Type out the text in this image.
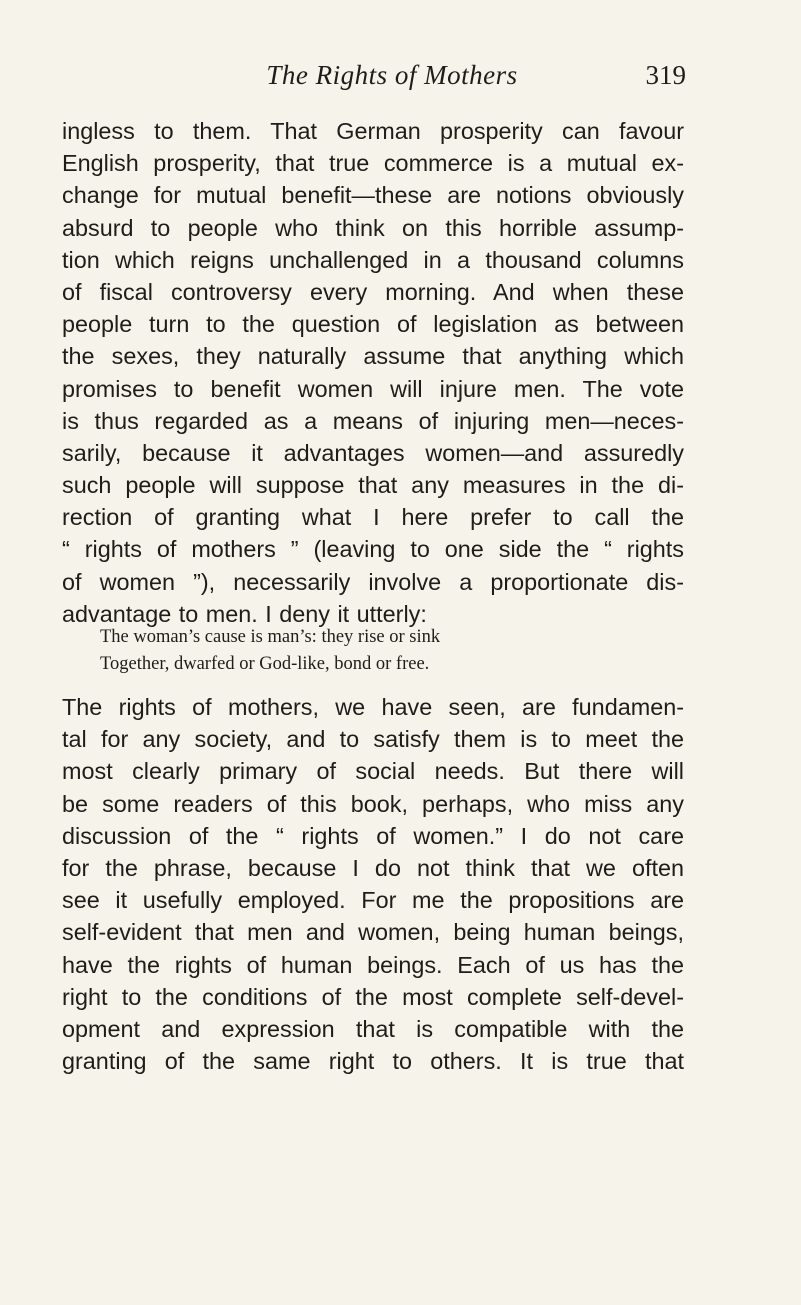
The Rights of Mothers	319
ingless to them. That German prosperity can favour
English prosperity, that true commerce is a mutual ex-
change for mutual benefit—these are notions obviously
absurd to people who think on this horrible assump-
tion which reigns unchallenged in a thousand columns
of fiscal controversy every morning. And when these
people turn to the question of legislation as between
the sexes, they naturally assume that anything which
promises to benefit women will injure men. The vote
is thus regarded as a means of injuring men—neces-
sarily, because it advantages women—and assuredly
such people will suppose that any measures in the di-
rection of granting what I here prefer to call the
“ rights of mothers ” (leaving to one side the “ rights
of women ”), necessarily involve a proportionate dis-
advantage to men. I deny it utterly:
The woman’s cause is man’s: they rise or sink
Together, dwarfed or God-like, bond or free.
The rights of mothers, we have seen, are fundamen-
tal for any society, and to satisfy them is to meet the
most clearly primary of social needs. But there will
be some readers of this book, perhaps, who miss any
discussion of the “ rights of women.” I do not care
for the phrase, because I do not think that we often
see it usefully employed. For me the propositions are
self-evident that men and women, being human beings,
have the rights of human beings. Each of us has the
right to the conditions of the most complete self-devel-
opment and expression that is compatible with the
granting of the same right to others. It is true that
